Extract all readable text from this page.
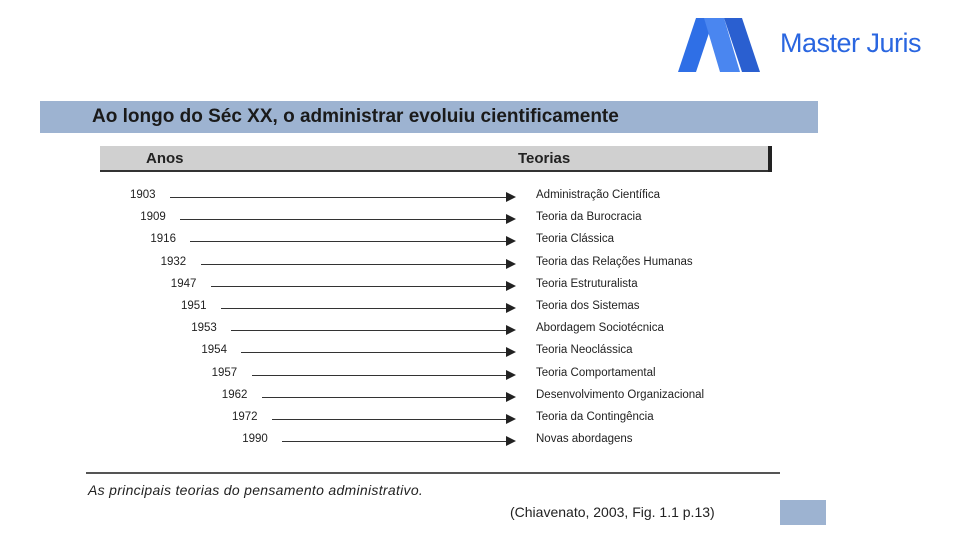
Master Juris
Ao longo do Séc XX, o administrar evoluiu cientificamente
Anos	Teorias
1903	Administração Científica
1909	Teoria da Burocracia
1916	Teoria Clássica
1932	Teoria das Relações Humanas
1947	Teoria Estruturalista
1951	Teoria dos Sistemas
1953	Abordagem Sociotécnica
1954	Teoria Neoclássica
1957	Teoria Comportamental
1962	Desenvolvimento Organizacional
1972	Teoria da Contingência
1990	Novas abordagens
As principais teorias do pensamento administrativo.
(Chiavenato, 2003, Fig. 1.1 p.13)
